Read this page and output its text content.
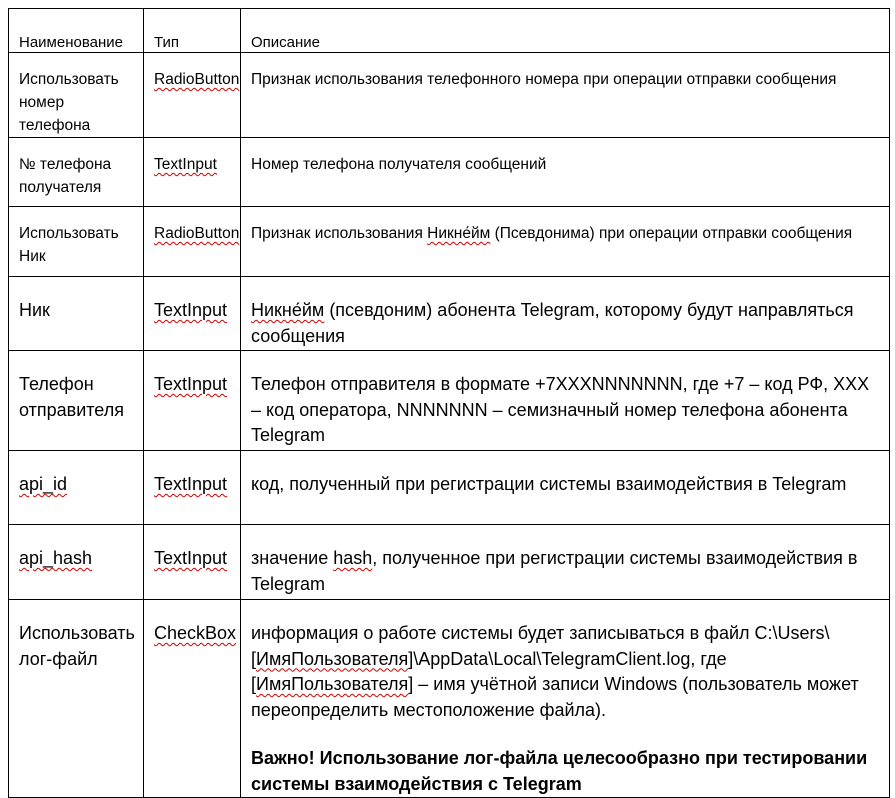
Наименование	Тип	Описание
Использовать номер телефона	RadioButton	Признак использования телефонного номера при операции отправки сообщения
№ телефона получателя	TextInput	Номер телефона получателя сообщений
Использовать Ник	RadioButton	Признак использования Никне́йм (Псевдонима) при операции отправки сообщения
Ник	TextInput	Никне́йм (псевдоним) абонента Telegram, которому будут направляться сообщения
Телефон отправителя	TextInput	Телефон отправителя в формате +7XXXNNNNNNN, где +7 – код РФ, XXX – код оператора, NNNNNNN – семизначный номер телефона абонента Telegram
api_id	TextInput	код, полученный при регистрации системы взаимодействия в Telegram
api_hash	TextInput	значение hash, полученное при регистрации системы взаимодействия в Telegram
Использовать лог-файл	CheckBox	информация о работе системы будет записываться в файл C:\Users\[ИмяПользователя]\AppData\Local\TelegramClient.log, где [ИмяПользователя] – имя учётной записи Windows (пользователь может переопределить местоположение файла).
Важно! Использование лог-файла целесообразно при тестировании системы взаимодействия с Telegram
